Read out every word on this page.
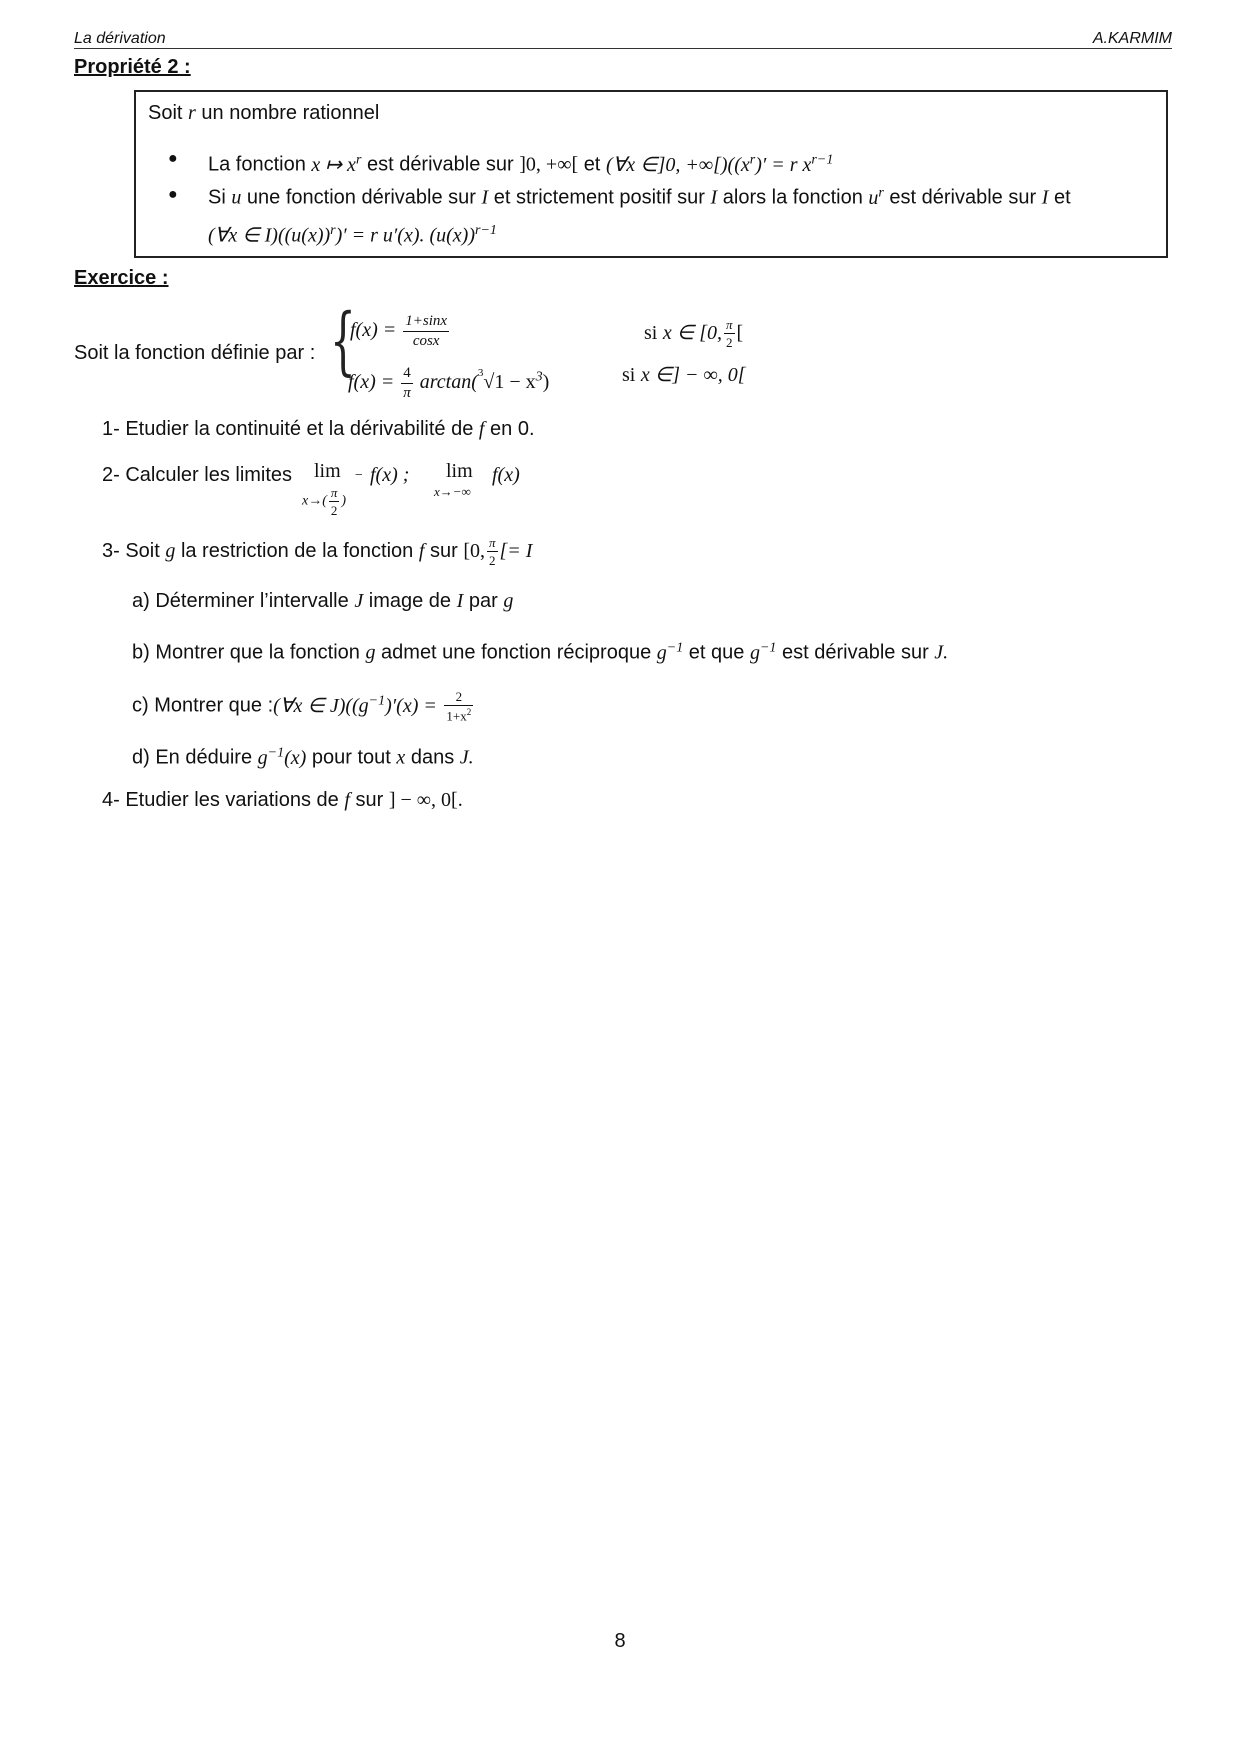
La dérivation	A.KARMIM
Propriété 2 :
Soit r un nombre rationnel
● La fonction x ↦ $x^r$ est dérivable sur ]0, +∞[ et (∀x ∈]0, $+\infty[)((x^r)' = r$ $x^{r-1}$
● Si u une fonction dérivable sur I et strictement positif sur I alors la fonction $u^r$ est dérivable sur I et
(∀x ∈ $I)((u(x))^r)' = r$ u′(x). $(u(x))^{r-1}$
Exercice :
Soit la fonction définie par : {
$f(x) = \frac{1+\sin x}{\cos x}$	si x ∈ [0, $\frac{\pi}{2}$ [
$f(x) = \frac{4}{\pi} \arctan(^3√1 - x^3)$	si x ∈] − ∞, 0[
1- Etudier la continuité et la dérivabilité de f en 0.
2- Calculer les limites lim
$x\to( \frac{\pi}{2}$ )
− f(x) ; lim
x→−∞
f(x)
3- Soit g la restriction de la fonction f sur [0, $\frac{\pi}{2}$ [= I
a) Déterminer l’intervalle J image de I par g
b) Montrer que la fonction g admet une fonction réciproque $g^{-1}$ et que $g^{-1}$ est dérivable sur J.
c) Montrer que :(∀x ∈ $J)((g^{-1})'(x) = \frac{2}{1+x^2}$
d) En déduire $g^{-1}(x)$ pour tout x dans J.
4- Etudier les variations de f sur ] − ∞, 0[.
8
